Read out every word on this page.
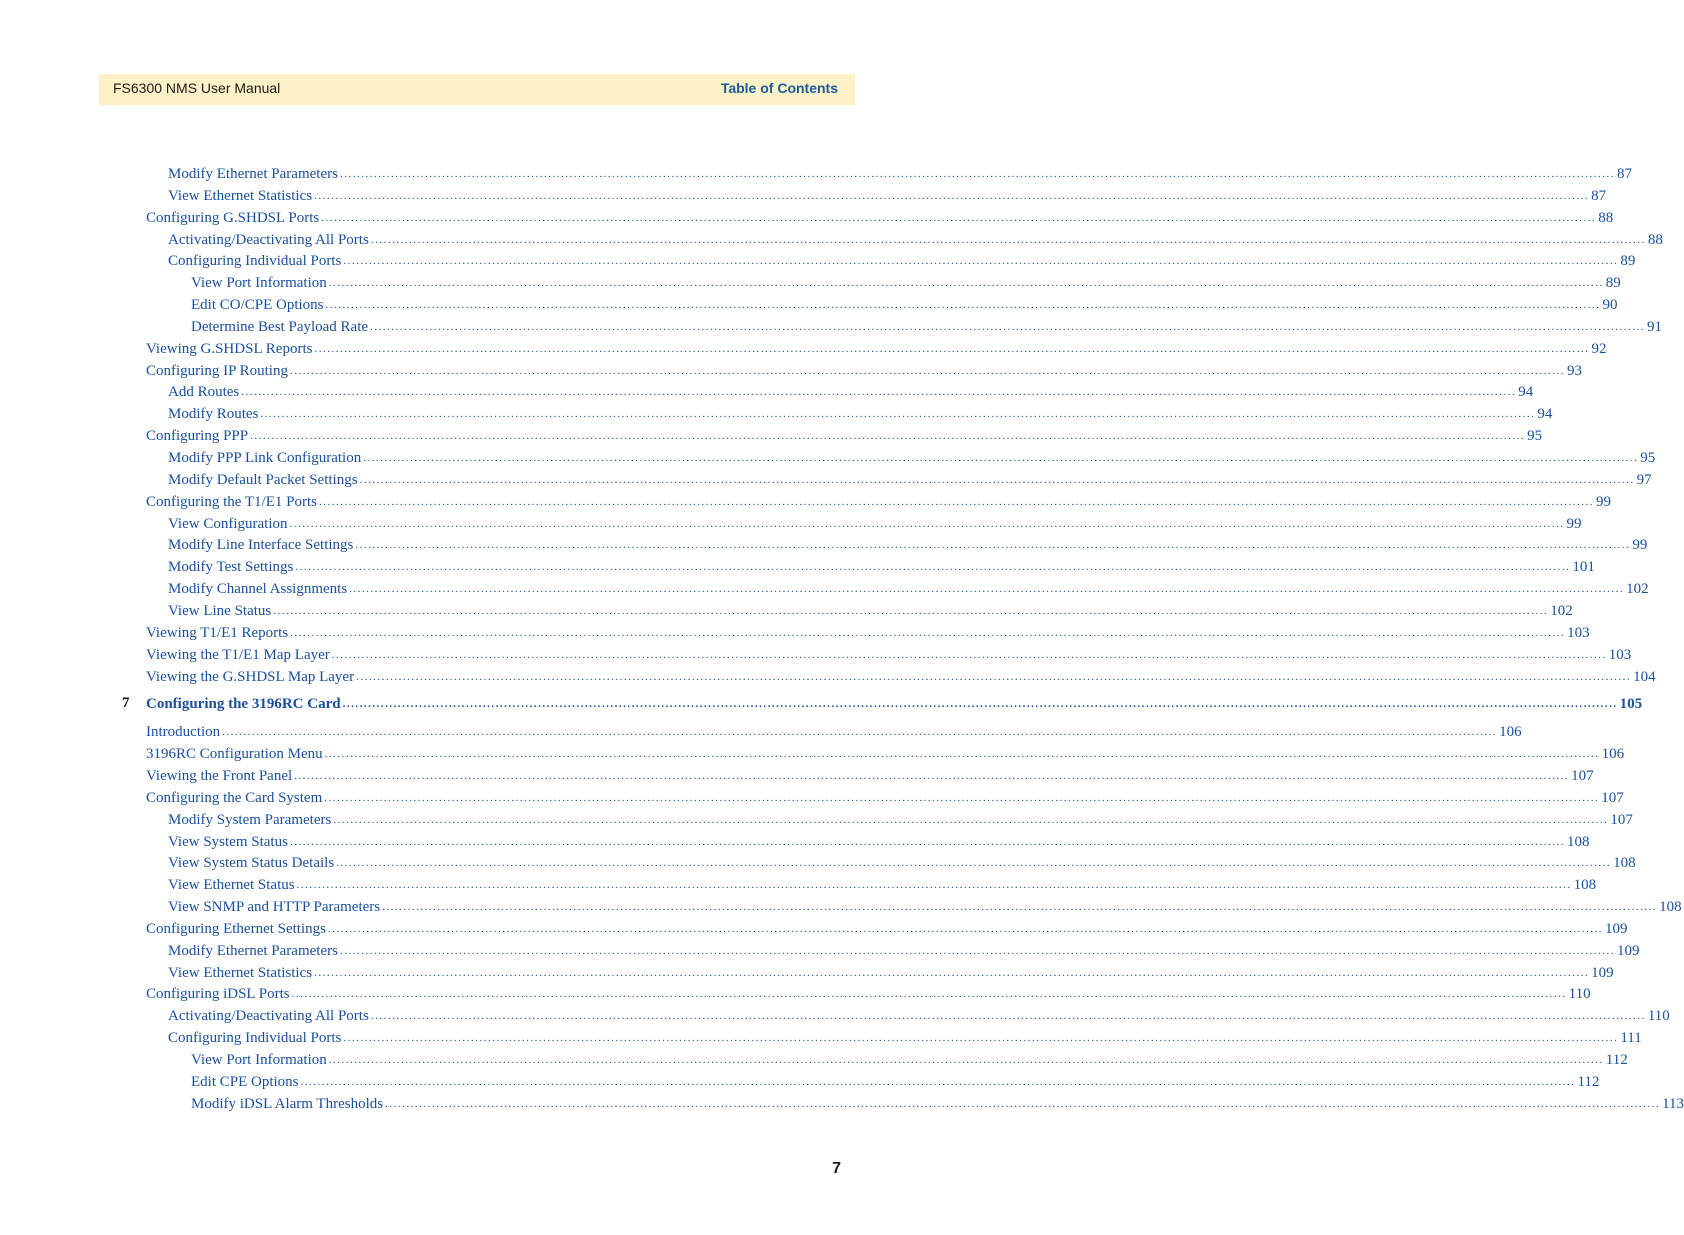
FS6300 NMS User Manual	Table of Contents
Modify Ethernet Parameters ............................................................................................................................................................................................................................................................................................................ 87
View Ethernet Statistics ............................................................................................................................................................................................................................................................................................................ 87
Configuring G.SHDSL Ports ............................................................................................................................................................................................................................................................................................................ 88
Activating/Deactivating All Ports ............................................................................................................................................................................................................................................................................................................ 88
Configuring Individual Ports ............................................................................................................................................................................................................................................................................................................ 89
View Port Information ............................................................................................................................................................................................................................................................................................................ 89
Edit CO/CPE Options ............................................................................................................................................................................................................................................................................................................ 90
Determine Best Payload Rate ............................................................................................................................................................................................................................................................................................................ 91
Viewing G.SHDSL Reports ............................................................................................................................................................................................................................................................................................................ 92
Configuring IP Routing ............................................................................................................................................................................................................................................................................................................ 93
Add Routes ............................................................................................................................................................................................................................................................................................................ 94
Modify Routes ............................................................................................................................................................................................................................................................................................................ 94
Configuring PPP ............................................................................................................................................................................................................................................................................................................ 95
Modify PPP Link Configuration ............................................................................................................................................................................................................................................................................................................ 95
Modify Default Packet Settings ............................................................................................................................................................................................................................................................................................................ 97
Configuring the T1/E1 Ports ............................................................................................................................................................................................................................................................................................................ 99
View Configuration ............................................................................................................................................................................................................................................................................................................ 99
Modify Line Interface Settings ............................................................................................................................................................................................................................................................................................................ 99
Modify Test Settings ............................................................................................................................................................................................................................................................................................................ 101
Modify Channel Assignments ............................................................................................................................................................................................................................................................................................................ 102
View Line Status ............................................................................................................................................................................................................................................................................................................ 102
Viewing T1/E1 Reports ............................................................................................................................................................................................................................................................................................................ 103
Viewing the T1/E1 Map Layer ............................................................................................................................................................................................................................................................................................................ 103
Viewing the G.SHDSL Map Layer ............................................................................................................................................................................................................................................................................................................ 104
Configuring the 3196RC Card ............................................................................................................................................................................................................................................................................................................ 105
7
Introduction ............................................................................................................................................................................................................................................................................................................ 106
3196RC Configuration Menu ............................................................................................................................................................................................................................................................................................................ 106
Viewing the Front Panel ............................................................................................................................................................................................................................................................................................................ 107
Configuring the Card System ............................................................................................................................................................................................................................................................................................................ 107
Modify System Parameters ............................................................................................................................................................................................................................................................................................................ 107
View System Status ............................................................................................................................................................................................................................................................................................................ 108
View System Status Details ............................................................................................................................................................................................................................................................................................................ 108
View Ethernet Status ............................................................................................................................................................................................................................................................................................................ 108
View SNMP and HTTP Parameters ............................................................................................................................................................................................................................................................................................................ 108
Configuring Ethernet Settings ............................................................................................................................................................................................................................................................................................................ 109
Modify Ethernet Parameters ............................................................................................................................................................................................................................................................................................................ 109
View Ethernet Statistics ............................................................................................................................................................................................................................................................................................................ 109
Configuring iDSL Ports ............................................................................................................................................................................................................................................................................................................ 110
Activating/Deactivating All Ports ............................................................................................................................................................................................................................................................................................................ 110
Configuring Individual Ports ............................................................................................................................................................................................................................................................................................................ 111
View Port Information ............................................................................................................................................................................................................................................................................................................ 112
Edit CPE Options ............................................................................................................................................................................................................................................................................................................ 112
Modify iDSL Alarm Thresholds ............................................................................................................................................................................................................................................................................................................ 113
7
